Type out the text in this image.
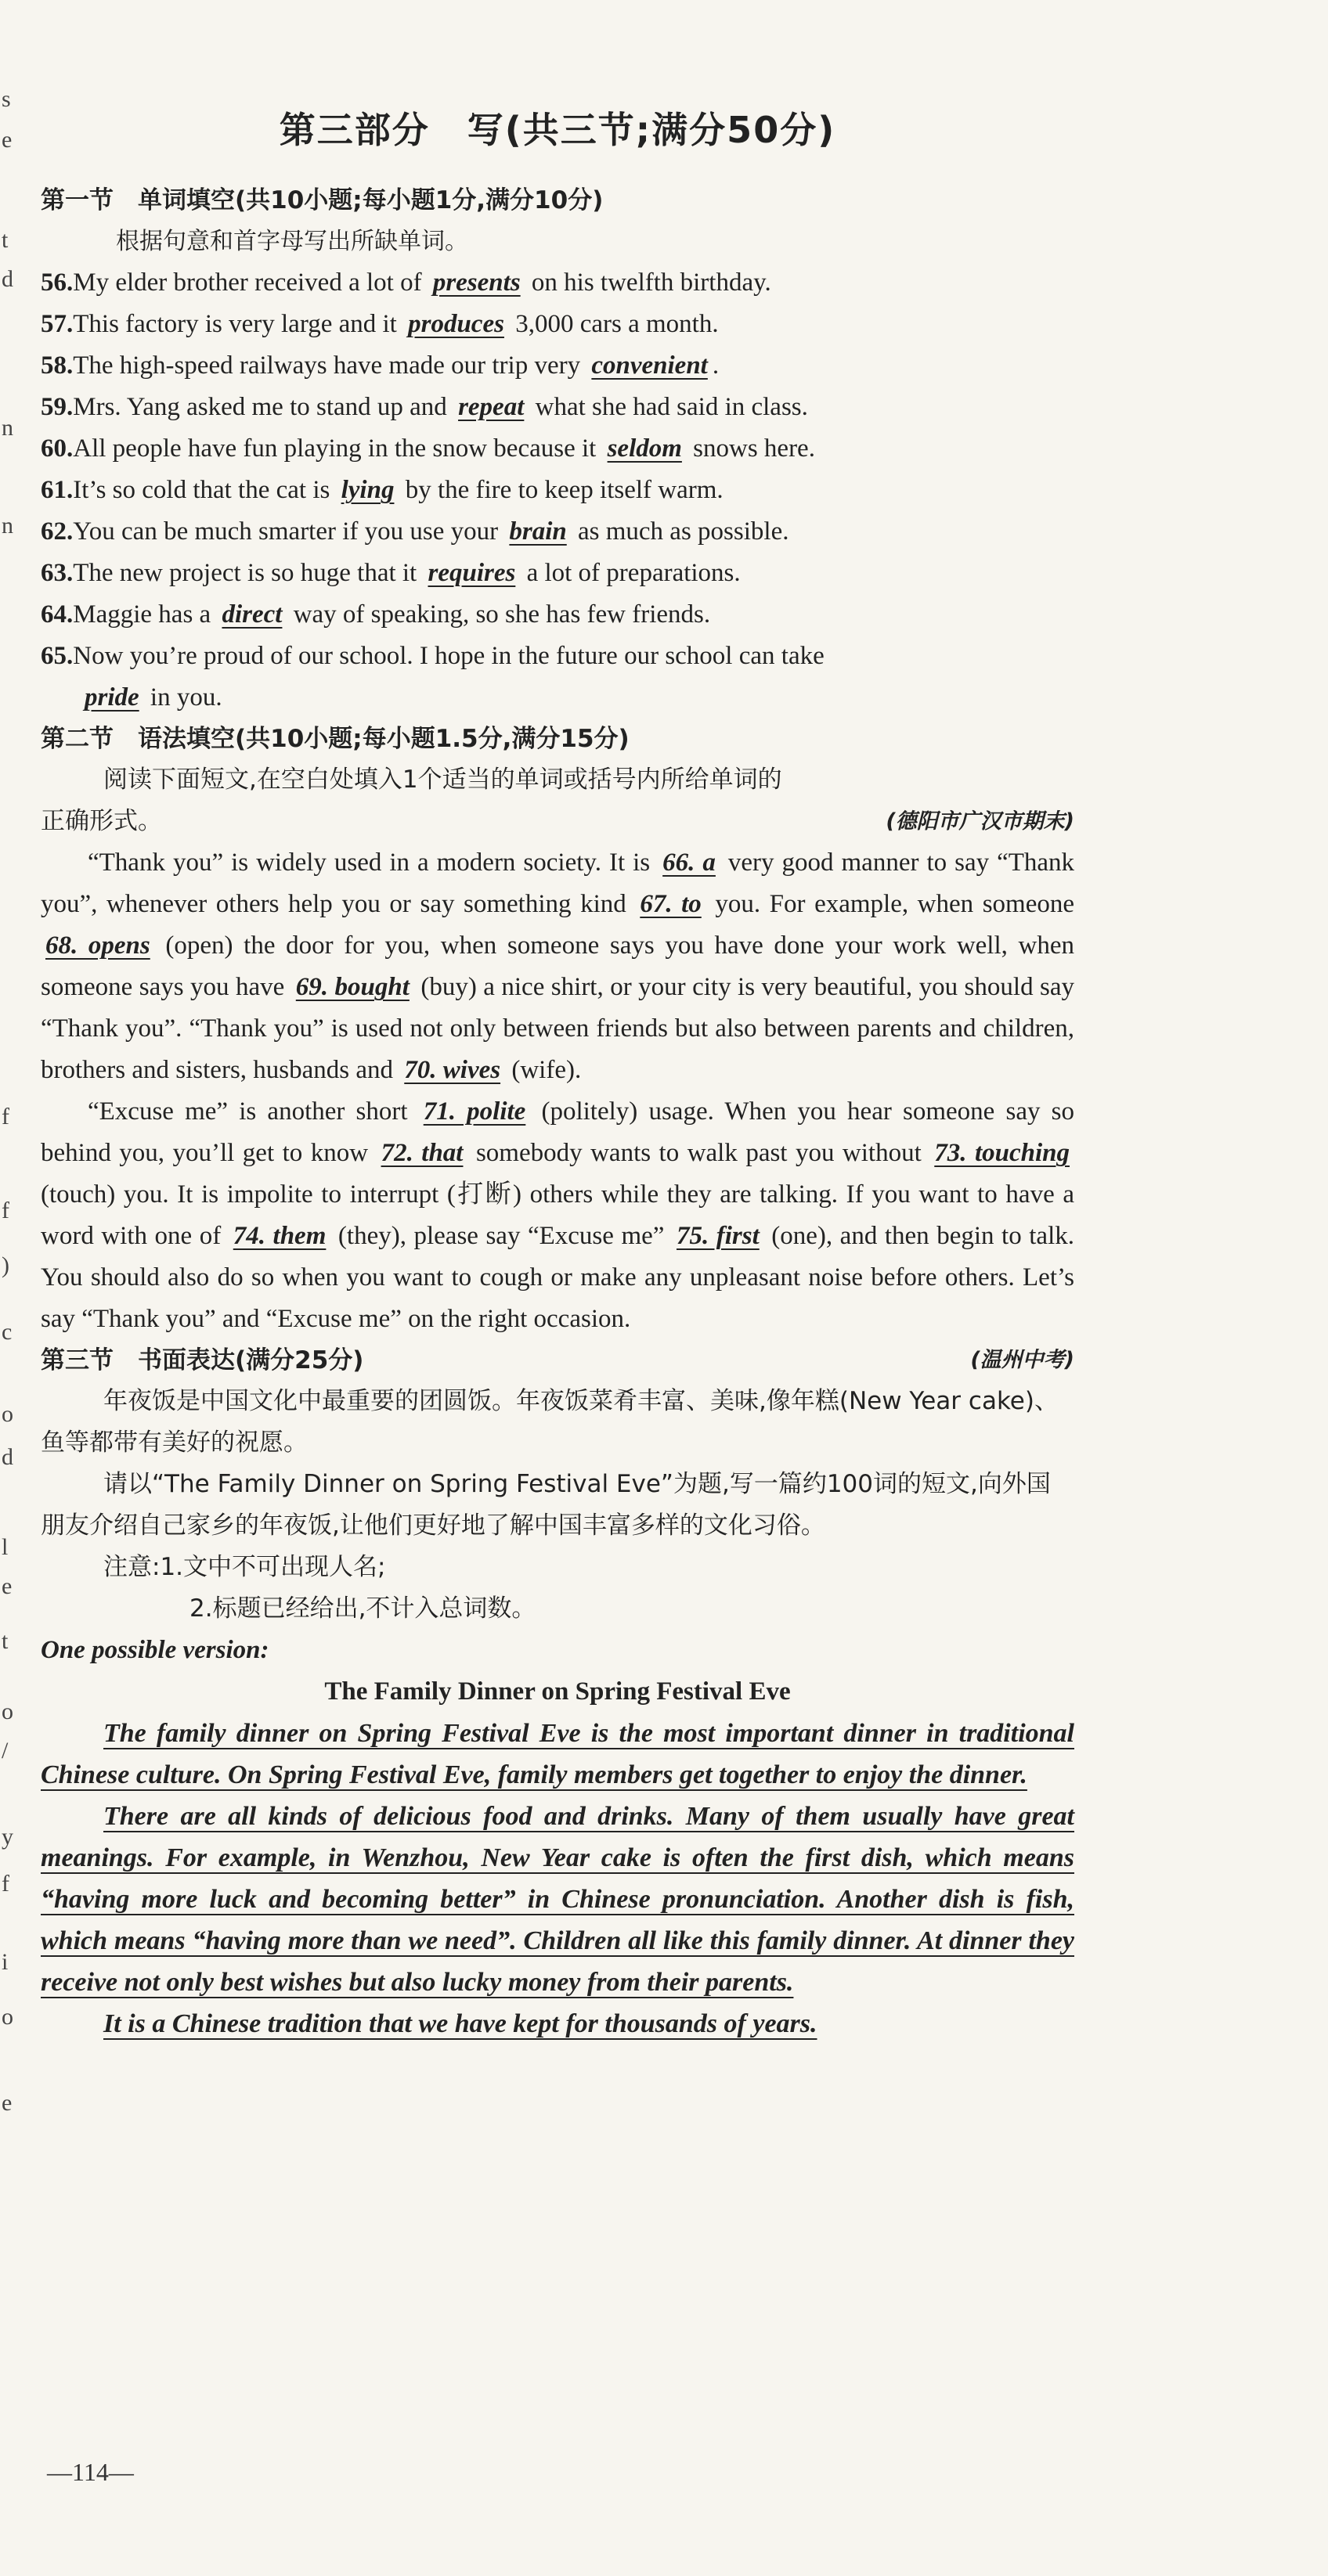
s
e
t
d
n
n
f
f
)
c
o
d
l
e
t
o
/
y
f
i
o
e
第三部分　写(共三节;满分50分)
第一节　单词填空(共10小题;每小题1分,满分10分)
根据句意和首字母写出所缺单词。
56.My elder brother received a lot of presents on his twelfth birthday.
57.This factory is very large and it produces 3,000 cars a month.
58.The high-speed railways have made our trip very convenient .
59.Mrs. Yang asked me to stand up and repeat what she had said in class.
60.All people have fun playing in the snow because it seldom snows here.
61.It’s so cold that the cat is lying by the fire to keep itself warm.
62.You can be much smarter if you use your brain as much as possible.
63.The new project is so huge that it requires a lot of preparations.
64.Maggie has a direct way of speaking, so she has few friends.
65.Now you’re proud of our school. I hope in the future our school can take
pride in you.
第二节　语法填空(共10小题;每小题1.5分,满分15分)
阅读下面短文,在空白处填入1个适当的单词或括号内所给单词的
正确形式。	(德阳市广汉市期末)
“Thank you” is widely used in a modern society. It is 66. a very good manner to say “Thank you”, whenever others help you or say something kind 67. to you. For example, when someone 68. opens (open) the door for you, when someone says you have done your work well, when someone says you have 69. bought (buy) a nice shirt, or your city is very beautiful, you should say “Thank you”. “Thank you” is used not only between friends but also between parents and children, brothers and sisters, husbands and 70. wives (wife).
“Excuse me” is another short 71. polite (politely) usage. When you hear someone say so behind you, you’ll get to know 72. that somebody wants to walk past you without 73. touching (touch) you. It is impolite to interrupt (打断) others while they are talking. If you want to have a word with one of 74. them (they), please say “Excuse me” 75. first (one), and then begin to talk. You should also do so when you want to cough or make any unpleasant noise before others. Let’s say “Thank you” and “Excuse me” on the right occasion.
第三节　书面表达(满分25分)	(温州中考)
年夜饭是中国文化中最重要的团圆饭。年夜饭菜肴丰富、美味,像年糕(New Year cake)、鱼等都带有美好的祝愿。
请以“The Family Dinner on Spring Festival Eve”为题,写一篇约100词的短文,向外国朋友介绍自己家乡的年夜饭,让他们更好地了解中国丰富多样的文化习俗。
注意:1.文中不可出现人名;
2.标题已经给出,不计入总词数。
One possible version:
The Family Dinner on Spring Festival Eve
The family dinner on Spring Festival Eve is the most important dinner in traditional Chinese culture. On Spring Festival Eve, family members get together to enjoy the dinner.
There are all kinds of delicious food and drinks. Many of them usually have great meanings. For example, in Wenzhou, New Year cake is often the first dish, which means “having more luck and becoming better” in Chinese pronunciation. Another dish is fish, which means “having more than we need”. Children all like this family dinner. At dinner they receive not only best wishes but also lucky money from their parents.
It is a Chinese tradition that we have kept for thousands of years.
—114—
